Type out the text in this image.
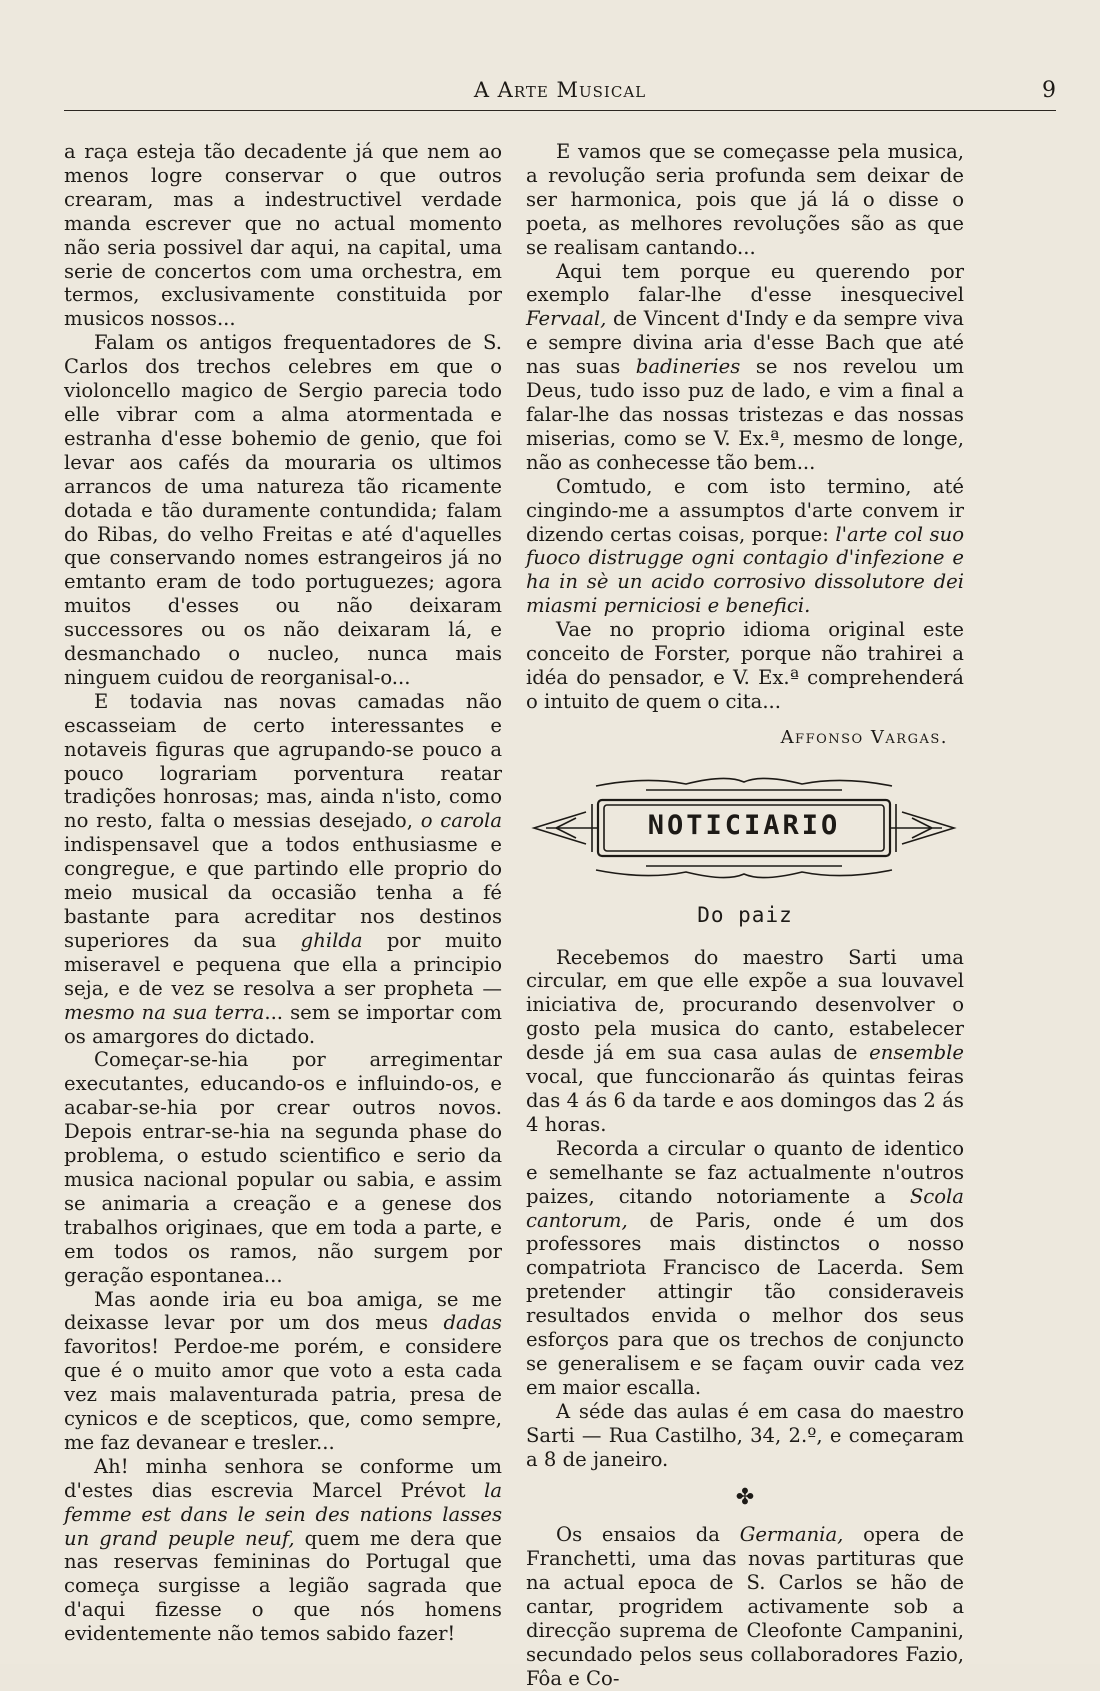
A Arte Musical	9

a raça esteja tão decadente já que nem ao menos logre conservar o que outros crearam, mas a indestructivel verdade manda escrever que no actual momento não seria possivel dar aqui, na capital, uma serie de concertos com uma orchestra, em termos, exclusivamente constituida por musicos nossos...

Falam os antigos frequentadores de S. Carlos dos trechos celebres em que o violoncello magico de Sergio parecia todo elle vibrar com a alma atormentada e estranha d'esse bohemio de genio, que foi levar aos cafés da mouraria os ultimos arrancos de uma natureza tão ricamente dotada e tão duramente contundida; falam do Ribas, do velho Freitas e até d'aquelles que conservando nomes estrangeiros já no emtanto eram de todo portuguezes; agora muitos d'esses ou não deixaram successores ou os não deixaram lá, e desmanchado o nucleo, nunca mais ninguem cuidou de reorganisal-o...

E todavia nas novas camadas não escasseiam de certo interessantes e notaveis figuras que agrupando-se pouco a pouco lograriam porventura reatar tradições honrosas; mas, ainda n'isto, como no resto, falta o messias desejado, o carola indispensavel que a todos enthusiasme e congregue, e que partindo elle proprio do meio musical da occasião tenha a fé bastante para acreditar nos destinos superiores da sua ghilda por muito miseravel e pequena que ella a principio seja, e de vez se resolva a ser propheta — mesmo na sua terra... sem se importar com os amargores do dictado.

Começar-se-hia por arregimentar executantes, educando-os e influindo-os, e acabar-se-hia por crear outros novos. Depois entrar-se-hia na segunda phase do problema, o estudo scientifico e serio da musica nacional popular ou sabia, e assim se animaria a creação e a genese dos trabalhos originaes, que em toda a parte, e em todos os ramos, não surgem por geração espontanea...

Mas aonde iria eu boa amiga, se me deixasse levar por um dos meus dadas favoritos! Perdoe-me porém, e considere que é o muito amor que voto a esta cada vez mais malaventurada patria, presa de cynicos e de scepticos, que, como sempre, me faz devanear e tresler...

Ah! minha senhora se conforme um d'estes dias escrevia Marcel Prévot la femme est dans le sein des nations lasses un grand peuple neuf, quem me dera que nas reservas femininas do Portugal que começa surgisse a legião sagrada que d'aqui fizesse o que nós homens evidentemente não temos sabido fazer!

E vamos que se começasse pela musica, a revolução seria profunda sem deixar de ser harmonica, pois que já lá o disse o poeta, as melhores revoluções são as que se realisam cantando...

Aqui tem porque eu querendo por exemplo falar-lhe d'esse inesquecivel Fervaal, de Vincent d'Indy e da sempre viva e sempre divina aria d'esse Bach que até nas suas badineries se nos revelou um Deus, tudo isso puz de lado, e vim a final a falar-lhe das nossas tristezas e das nossas miserias, como se V. Ex.ª, mesmo de longe, não as conhecesse tão bem...

Comtudo, e com isto termino, até cingindo-me a assumptos d'arte convem ir dizendo certas coisas, porque: l'arte col suo fuoco distrugge ogni contagio d'infezione e ha in sè un acido corrosivo dissolutore dei miasmi perniciosi e benefici.

Vae no proprio idioma original este conceito de Forster, porque não trahirei a idéa do pensador, e V. Ex.ª comprehenderá o intuito de quem o cita...

Affonso Vargas.
NOTICIARIO
Do paiz

Recebemos do maestro Sarti uma circular, em que elle expõe a sua louvavel iniciativa de, procurando desenvolver o gosto pela musica do canto, estabelecer desde já em sua casa aulas de ensemble vocal, que funccionarão ás quintas feiras das 4 ás 6 da tarde e aos domingos das 2 ás 4 horas.

Recorda a circular o quanto de identico e semelhante se faz actualmente n'outros paizes, citando notoriamente a Scola cantorum, de Paris, onde é um dos professores mais distinctos o nosso compatriota Francisco de Lacerda. Sem pretender attingir tão consideraveis resultados envida o melhor dos seus esforços para que os trechos de conjuncto se generalisem e se façam ouvir cada vez em maior escalla.

A séde das aulas é em casa do maestro Sarti — Rua Castilho, 34, 2.º, e começaram a 8 de janeiro.

✤

Os ensaios da Germania, opera de Franchetti, uma das novas partituras que na actual epoca de S. Carlos se hão de cantar, progridem activamente sob a direcção suprema de Cleofonte Campanini, secundado pelos seus collaboradores Fazio, Fôa e Co-
